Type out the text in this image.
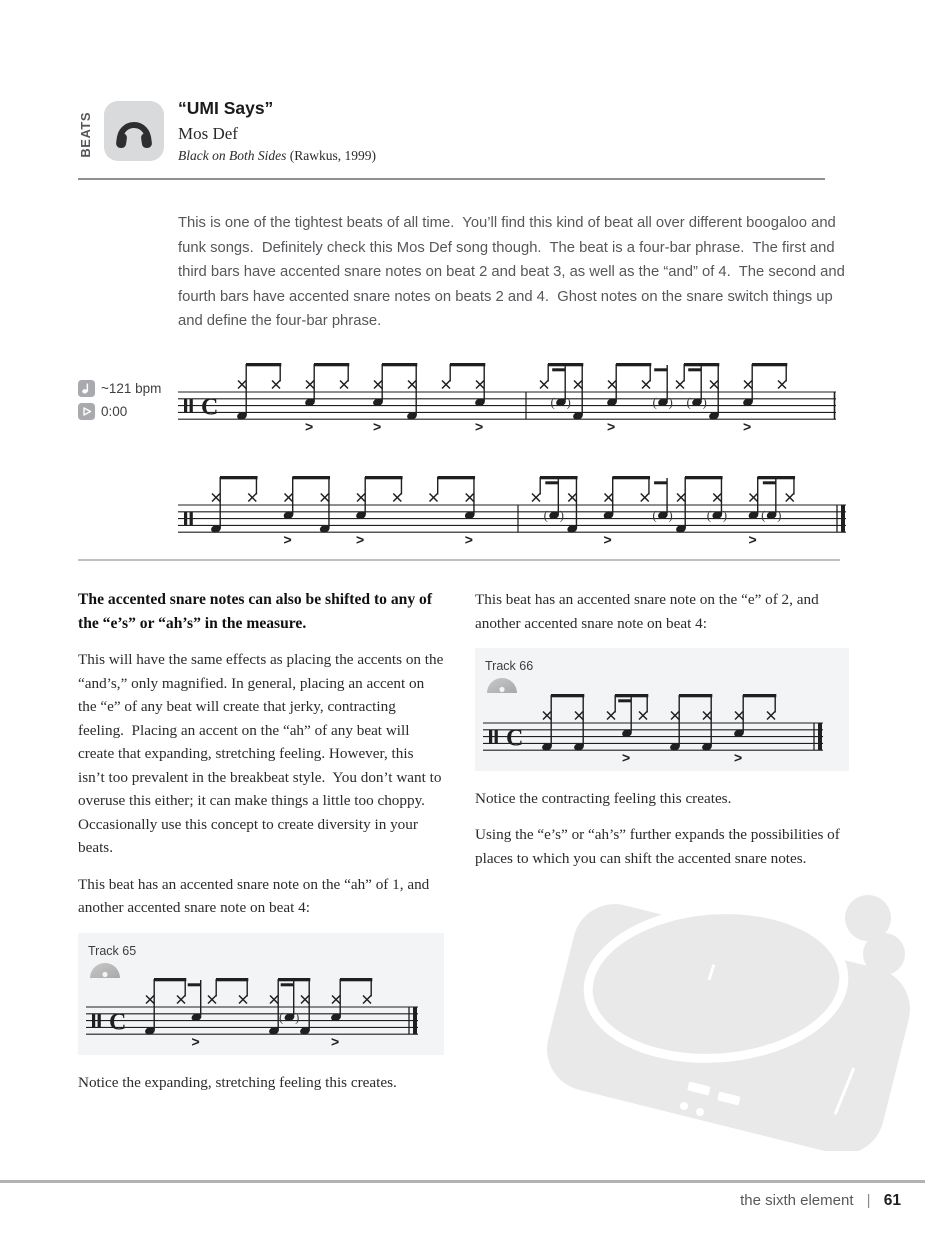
BEATS
“UMI Says”
Mos Def
Black on Both Sides (Rawkus, 1999)
This is one of the tightest beats of all time.  You’ll find this kind of beat all over different boogaloo and funk songs.  Definitely check this Mos Def song though.  The beat is a four-bar phrase.  The first and third bars have accented snare notes on beat 2 and beat 3, as well as the “and” of 4.  The second and fourth bars have accented snare notes on beats 2 and 4.  Ghost notes on the snare switch things up and define the four-bar phrase.
~121 bpm
0:00	C
>	>	>
( )
>
( ) ( )
>
>	>	>
( )
>
( )	( )
>
( )
The accented snare notes can also be shifted to any of the “e’s” or “ah’s” in the measure.

This will have the same effects as placing the accents on the “and’s,” only magnified. In general, placing an accent on the “e” of any beat will create that jerky, contracting feeling.  Placing an accent on the “ah” of any beat will create that expanding, stretching feeling. However, this isn’t too prevalent in the breakbeat style.  You don’t want to overuse this either; it can make things a little too choppy.  Occasionally use this concept to create diversity in your beats.

This beat has an accented snare note on the “ah” of 1, and another accented snare note on beat 4:

Track 65
C
>
( )
>

Notice the expanding, stretching feeling this creates.

This beat has an accented snare note on the “e” of 2, and another accented snare note on beat 4:

Track 66
C
>	>

Notice the contracting feeling this creates.

Using the “e’s” or “ah’s” further expands the possibilities of places to which you can shift the accented snare notes.

the sixth element | 61
